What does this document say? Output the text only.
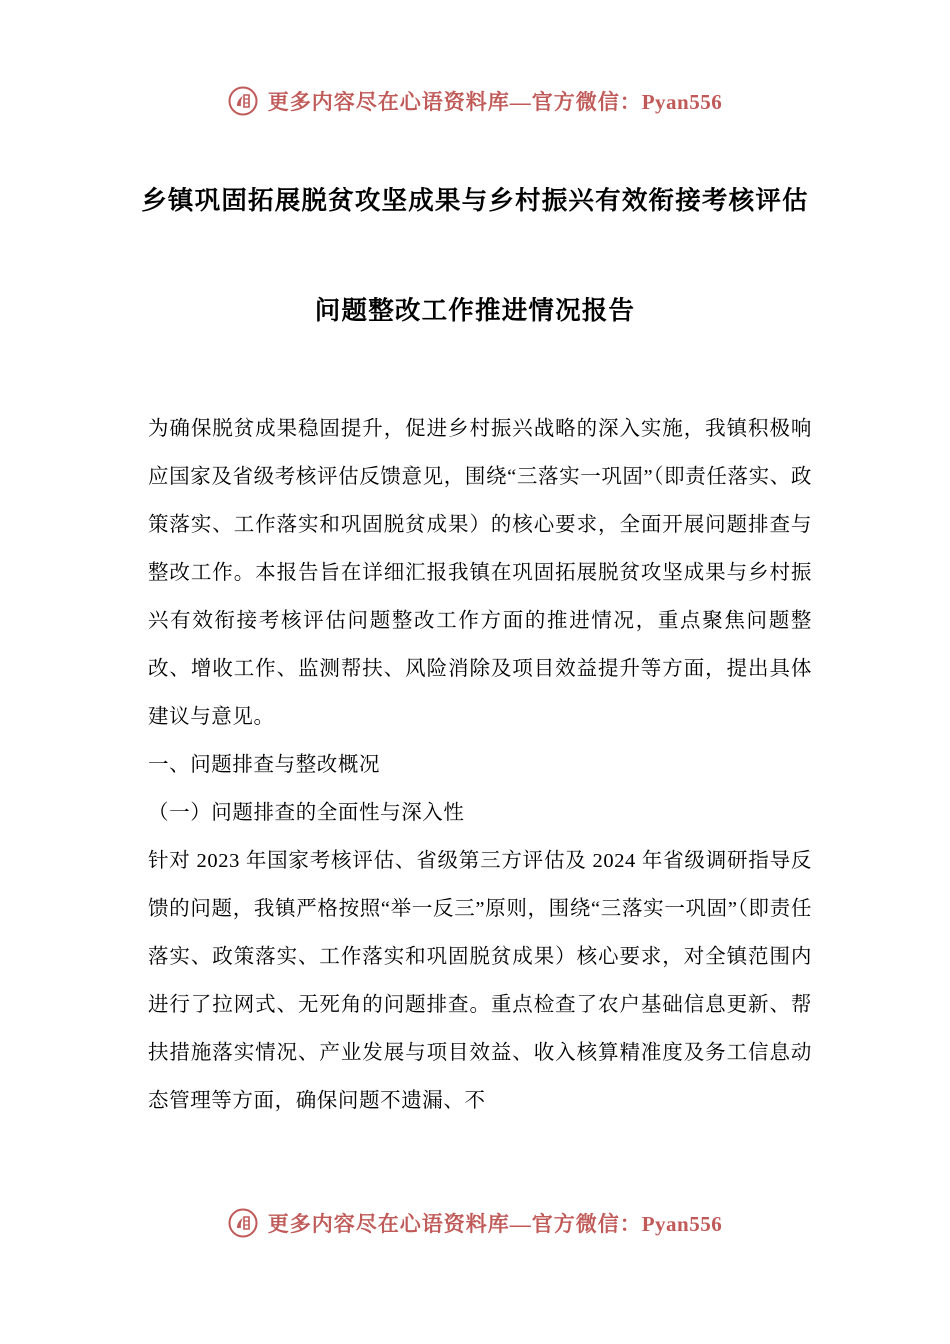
更多内容尽在心语资料库—官方微信：Pyan556
乡镇巩固拓展脱贫攻坚成果与乡村振兴有效衔接考核评估
问题整改工作推进情况报告

为确保脱贫成果稳固提升，促进乡村振兴战略的深入实施，我镇积极响应国家及省级考核评估反馈意见，围绕“三落实一巩固”（即责任落实、政策落实、工作落实和巩固脱贫成果）的核心要求，全面开展问题排查与整改工作。本报告旨在详细汇报我镇在巩固拓展脱贫攻坚成果与乡村振兴有效衔接考核评估问题整改工作方面的推进情况，重点聚焦问题整改、增收工作、监测帮扶、风险消除及项目效益提升等方面，提出具体建议与意见。

一、问题排查与整改概况

（一）问题排查的全面性与深入性

针对 2023 年国家考核评估、省级第三方评估及 2024 年省级调研指导反馈的问题，我镇严格按照“举一反三”原则，围绕“三落实一巩固”（即责任落实、政策落实、工作落实和巩固脱贫成果）核心要求，对全镇范围内进行了拉网式、无死角的问题排查。重点检查了农户基础信息更新、帮扶措施落实情况、产业发展与项目效益、收入核算精准度及务工信息动态管理等方面，确保问题不遗漏、不

更多内容尽在心语资料库—官方微信：Pyan556
